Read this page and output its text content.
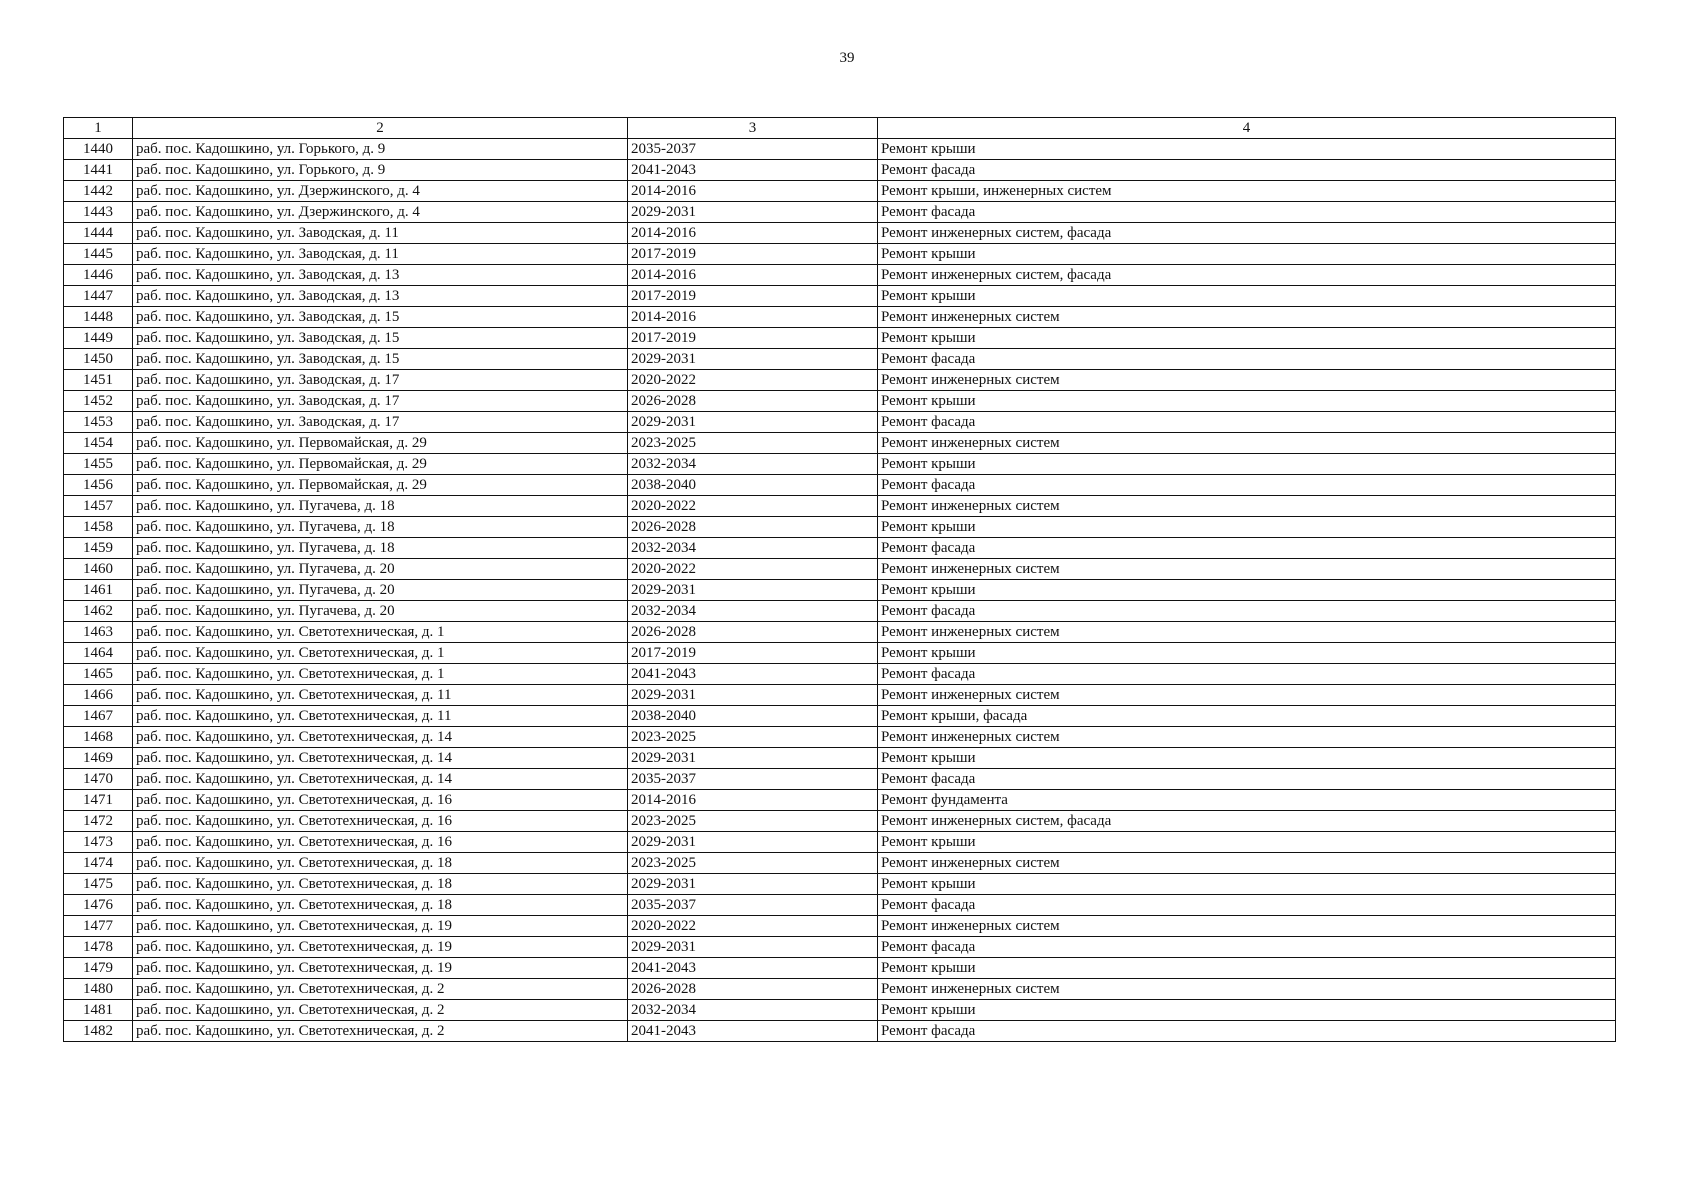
39
1	2	3	4
1440	раб. пос. Кадошкино, ул. Горького, д. 9	2035-2037	Ремонт крыши
1441	раб. пос. Кадошкино, ул. Горького, д. 9	2041-2043	Ремонт фасада
1442	раб. пос. Кадошкино, ул. Дзержинского, д. 4	2014-2016	Ремонт крыши, инженерных систем
1443	раб. пос. Кадошкино, ул. Дзержинского, д. 4	2029-2031	Ремонт фасада
1444	раб. пос. Кадошкино, ул. Заводская, д. 11	2014-2016	Ремонт инженерных систем, фасада
1445	раб. пос. Кадошкино, ул. Заводская, д. 11	2017-2019	Ремонт крыши
1446	раб. пос. Кадошкино, ул. Заводская, д. 13	2014-2016	Ремонт инженерных систем, фасада
1447	раб. пос. Кадошкино, ул. Заводская, д. 13	2017-2019	Ремонт крыши
1448	раб. пос. Кадошкино, ул. Заводская, д. 15	2014-2016	Ремонт инженерных систем
1449	раб. пос. Кадошкино, ул. Заводская, д. 15	2017-2019	Ремонт крыши
1450	раб. пос. Кадошкино, ул. Заводская, д. 15	2029-2031	Ремонт фасада
1451	раб. пос. Кадошкино, ул. Заводская, д. 17	2020-2022	Ремонт инженерных систем
1452	раб. пос. Кадошкино, ул. Заводская, д. 17	2026-2028	Ремонт крыши
1453	раб. пос. Кадошкино, ул. Заводская, д. 17	2029-2031	Ремонт фасада
1454	раб. пос. Кадошкино, ул. Первомайская, д. 29	2023-2025	Ремонт инженерных систем
1455	раб. пос. Кадошкино, ул. Первомайская, д. 29	2032-2034	Ремонт крыши
1456	раб. пос. Кадошкино, ул. Первомайская, д. 29	2038-2040	Ремонт фасада
1457	раб. пос. Кадошкино, ул. Пугачева, д. 18	2020-2022	Ремонт инженерных систем
1458	раб. пос. Кадошкино, ул. Пугачева, д. 18	2026-2028	Ремонт крыши
1459	раб. пос. Кадошкино, ул. Пугачева, д. 18	2032-2034	Ремонт фасада
1460	раб. пос. Кадошкино, ул. Пугачева, д. 20	2020-2022	Ремонт инженерных систем
1461	раб. пос. Кадошкино, ул. Пугачева, д. 20	2029-2031	Ремонт крыши
1462	раб. пос. Кадошкино, ул. Пугачева, д. 20	2032-2034	Ремонт фасада
1463	раб. пос. Кадошкино, ул. Светотехническая, д. 1	2026-2028	Ремонт инженерных систем
1464	раб. пос. Кадошкино, ул. Светотехническая, д. 1	2017-2019	Ремонт крыши
1465	раб. пос. Кадошкино, ул. Светотехническая, д. 1	2041-2043	Ремонт фасада
1466	раб. пос. Кадошкино, ул. Светотехническая, д. 11	2029-2031	Ремонт инженерных систем
1467	раб. пос. Кадошкино, ул. Светотехническая, д. 11	2038-2040	Ремонт крыши, фасада
1468	раб. пос. Кадошкино, ул. Светотехническая, д. 14	2023-2025	Ремонт инженерных систем
1469	раб. пос. Кадошкино, ул. Светотехническая, д. 14	2029-2031	Ремонт крыши
1470	раб. пос. Кадошкино, ул. Светотехническая, д. 14	2035-2037	Ремонт фасада
1471	раб. пос. Кадошкино, ул. Светотехническая, д. 16	2014-2016	Ремонт фундамента
1472	раб. пос. Кадошкино, ул. Светотехническая, д. 16	2023-2025	Ремонт инженерных систем, фасада
1473	раб. пос. Кадошкино, ул. Светотехническая, д. 16	2029-2031	Ремонт крыши
1474	раб. пос. Кадошкино, ул. Светотехническая, д. 18	2023-2025	Ремонт инженерных систем
1475	раб. пос. Кадошкино, ул. Светотехническая, д. 18	2029-2031	Ремонт крыши
1476	раб. пос. Кадошкино, ул. Светотехническая, д. 18	2035-2037	Ремонт фасада
1477	раб. пос. Кадошкино, ул. Светотехническая, д. 19	2020-2022	Ремонт инженерных систем
1478	раб. пос. Кадошкино, ул. Светотехническая, д. 19	2029-2031	Ремонт фасада
1479	раб. пос. Кадошкино, ул. Светотехническая, д. 19	2041-2043	Ремонт крыши
1480	раб. пос. Кадошкино, ул. Светотехническая, д. 2	2026-2028	Ремонт инженерных систем
1481	раб. пос. Кадошкино, ул. Светотехническая, д. 2	2032-2034	Ремонт крыши
1482	раб. пос. Кадошкино, ул. Светотехническая, д. 2	2041-2043	Ремонт фасада
